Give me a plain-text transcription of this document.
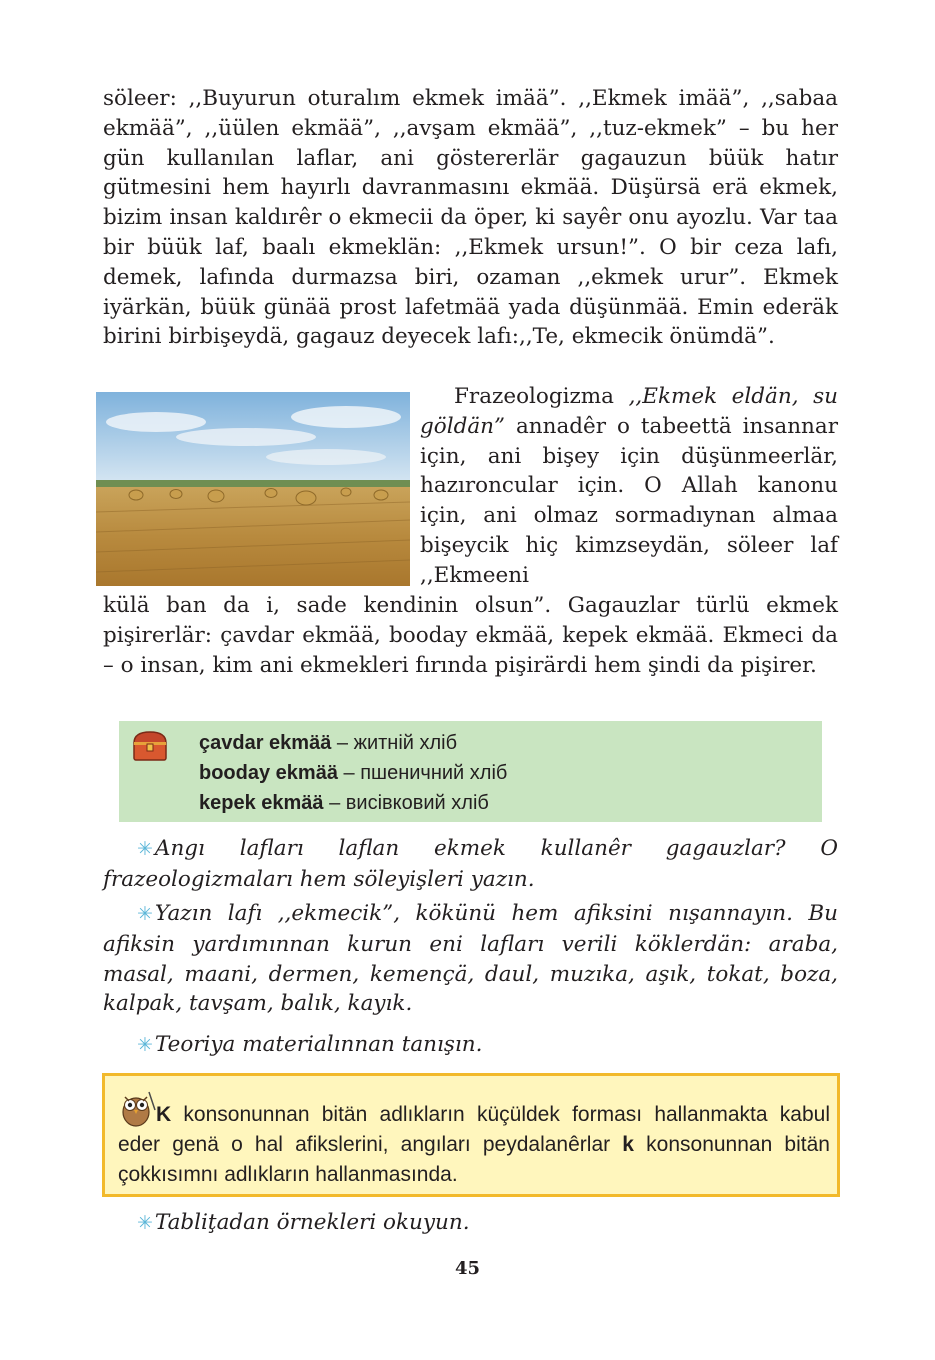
söleer: ,,Buyurun oturalım ekmek imää”. ,,Ekmek imää”, ,,sabaa ekmää”, ,,üülen ekmää”, ,,avşam ekmää”, ,,tuz-ekmek” – bu her gün kullanılan laflar, ani göstererlär gagauzun büük hatır gütmesini hem hayırlı davranmasını ekmää. Düşürsä erä ekmek, bizim insan kaldırêr o ekmecii da öper, ki sayêr onu ayozlu. Var taa bir büük laf, baalı ekmeklän: ,,Ekmek ursun!”. O bir ceza lafı, demek, lafında durmazsa biri, ozaman ,,ekmek urur”. Ekmek iyärkän, büük günää prost lafetmää yada düşünmää. Emin ederäk birini birbişeydä, gagauz deyecek lafı:,,Te, ekmecik önümdä”.
Frazeologizma ,,Ekmek eldän, su göldän” annadêr o tabeettä insannar için, ani bişey için düşünmeerlär, hazıroncular için. O Allah kanonu için, ani olmaz sormadıynan almaa bişeycik hiç kimzseydän, söleer laf ,,Ekmeeni
külä ban da i, sade kendinin olsun”. Gagauzlar türlü ekmek pişirerlär: çavdar ekmää, booday ekmää, kepek ekmää. Ekmeci da – o insan, kim ani ekmekleri fırında pişirärdi hem şindi da pişirer.
çavdar ekmää – житній хліб
booday ekmää – пшеничний хліб
kepek ekmää – висівковий хліб
✳Angı lafları laflan ekmek kullanêr gagauzlar? O frazeologizmaları hem söleyişleri yazın.
✳Yazın lafı ,,ekmecik”, kökünü hem afiksini nışannayın. Bu afiksin yardımınnan kurun eni lafları verili köklerdän: araba, masal, maani, dermen, kemençä, daul, muzıka, aşık, tokat, boza, kalpak, tavşam, balık, kayık.
✳Teoriya materialınnan tanışın.
K konsonunnan bitän adlıkların küçüldek forması hallanmakta kabul eder genä o hal afikslerini, angıları peydalanêrlar k konsonunnan bitän çokkısımnı adlıkların hallanmasında.
✳Tabliţadan örnekleri okuyun.
45
